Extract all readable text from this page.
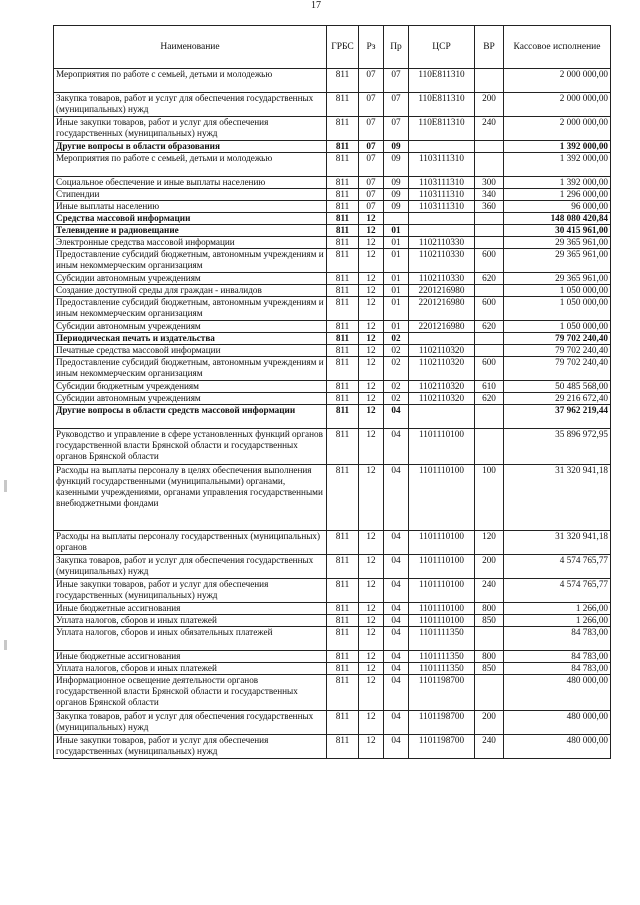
17
Наименование	ГРБС	Рз	Пр	ЦСР	ВР	Кассовое исполнение
Мероприятия по работе с семьей, детьми и молодежью	811	07	07	110Е811310		2 000 000,00
Закупка товаров, работ и услуг для обеспечения государственных (муниципальных) нужд	811	07	07	110Е811310	200	2 000 000,00
Иные закупки товаров, работ и услуг для обеспечения государственных (муниципальных) нужд	811	07	07	110Е811310	240	2 000 000,00
Другие вопросы в области образования	811	07	09			1 392 000,00
Мероприятия по работе с семьей, детьми и молодежью	811	07	09	1103111310		1 392 000,00
Социальное обеспечение и иные выплаты населению	811	07	09	1103111310	300	1 392 000,00
Стипендии	811	07	09	1103111310	340	1 296 000,00
Иные выплаты населению	811	07	09	1103111310	360	96 000,00
Средства массовой информации	811	12				148 080 420,84
Телевидение и радиовещание	811	12	01			30 415 961,00
Электронные средства массовой информации	811	12	01	1102110330		29 365 961,00
Предоставление субсидий бюджетным, автономным учреждениям и иным некоммерческим организациям	811	12	01	1102110330	600	29 365 961,00
Субсидии автономным учреждениям	811	12	01	1102110330	620	29 365 961,00
Создание доступной среды для граждан - инвалидов	811	12	01	2201216980		1 050 000,00
Предоставление субсидий бюджетным, автономным учреждениям и иным некоммерческим организациям	811	12	01	2201216980	600	1 050 000,00
Субсидии автономным учреждениям	811	12	01	2201216980	620	1 050 000,00
Периодическая печать и издательства	811	12	02			79 702 240,40
Печатные средства массовой информации	811	12	02	1102110320		79 702 240,40
Предоставление субсидий бюджетным, автономным учреждениям и иным некоммерческим организациям	811	12	02	1102110320	600	79 702 240,40
Субсидии бюджетным учреждениям	811	12	02	1102110320	610	50 485 568,00
Субсидии автономным учреждениям	811	12	02	1102110320	620	29 216 672,40
Другие вопросы в области средств массовой информации	811	12	04			37 962 219,44
Руководство и управление в сфере установленных функций органов государственной власти Брянской области и государственных органов Брянской области	811	12	04	1101110100		35 896 972,95
Расходы на выплаты персоналу в целях обеспечения выполнения функций государственными (муниципальными) органами, казенными учреждениями, органами управления государственными внебюджетными фондами	811	12	04	1101110100	100	31 320 941,18
Расходы на выплаты персоналу государственных (муниципальных) органов	811	12	04	1101110100	120	31 320 941,18
Закупка товаров, работ и услуг для обеспечения государственных (муниципальных) нужд	811	12	04	1101110100	200	4 574 765,77
Иные закупки товаров, работ и услуг для обеспечения государственных (муниципальных) нужд	811	12	04	1101110100	240	4 574 765,77
Иные бюджетные ассигнования	811	12	04	1101110100	800	1 266,00
Уплата налогов, сборов и иных платежей	811	12	04	1101110100	850	1 266,00
Уплата налогов, сборов и иных обязательных платежей	811	12	04	1101111350		84 783,00
Иные бюджетные ассигнования	811	12	04	1101111350	800	84 783,00
Уплата налогов, сборов и иных платежей	811	12	04	1101111350	850	84 783,00
Информационное освещение деятельности органов государственной власти Брянской области и государственных органов Брянской области	811	12	04	1101198700		480 000,00
Закупка товаров, работ и услуг для обеспечения государственных (муниципальных) нужд	811	12	04	1101198700	200	480 000,00
Иные закупки товаров, работ и услуг для обеспечения государственных (муниципальных) нужд	811	12	04	1101198700	240	480 000,00
